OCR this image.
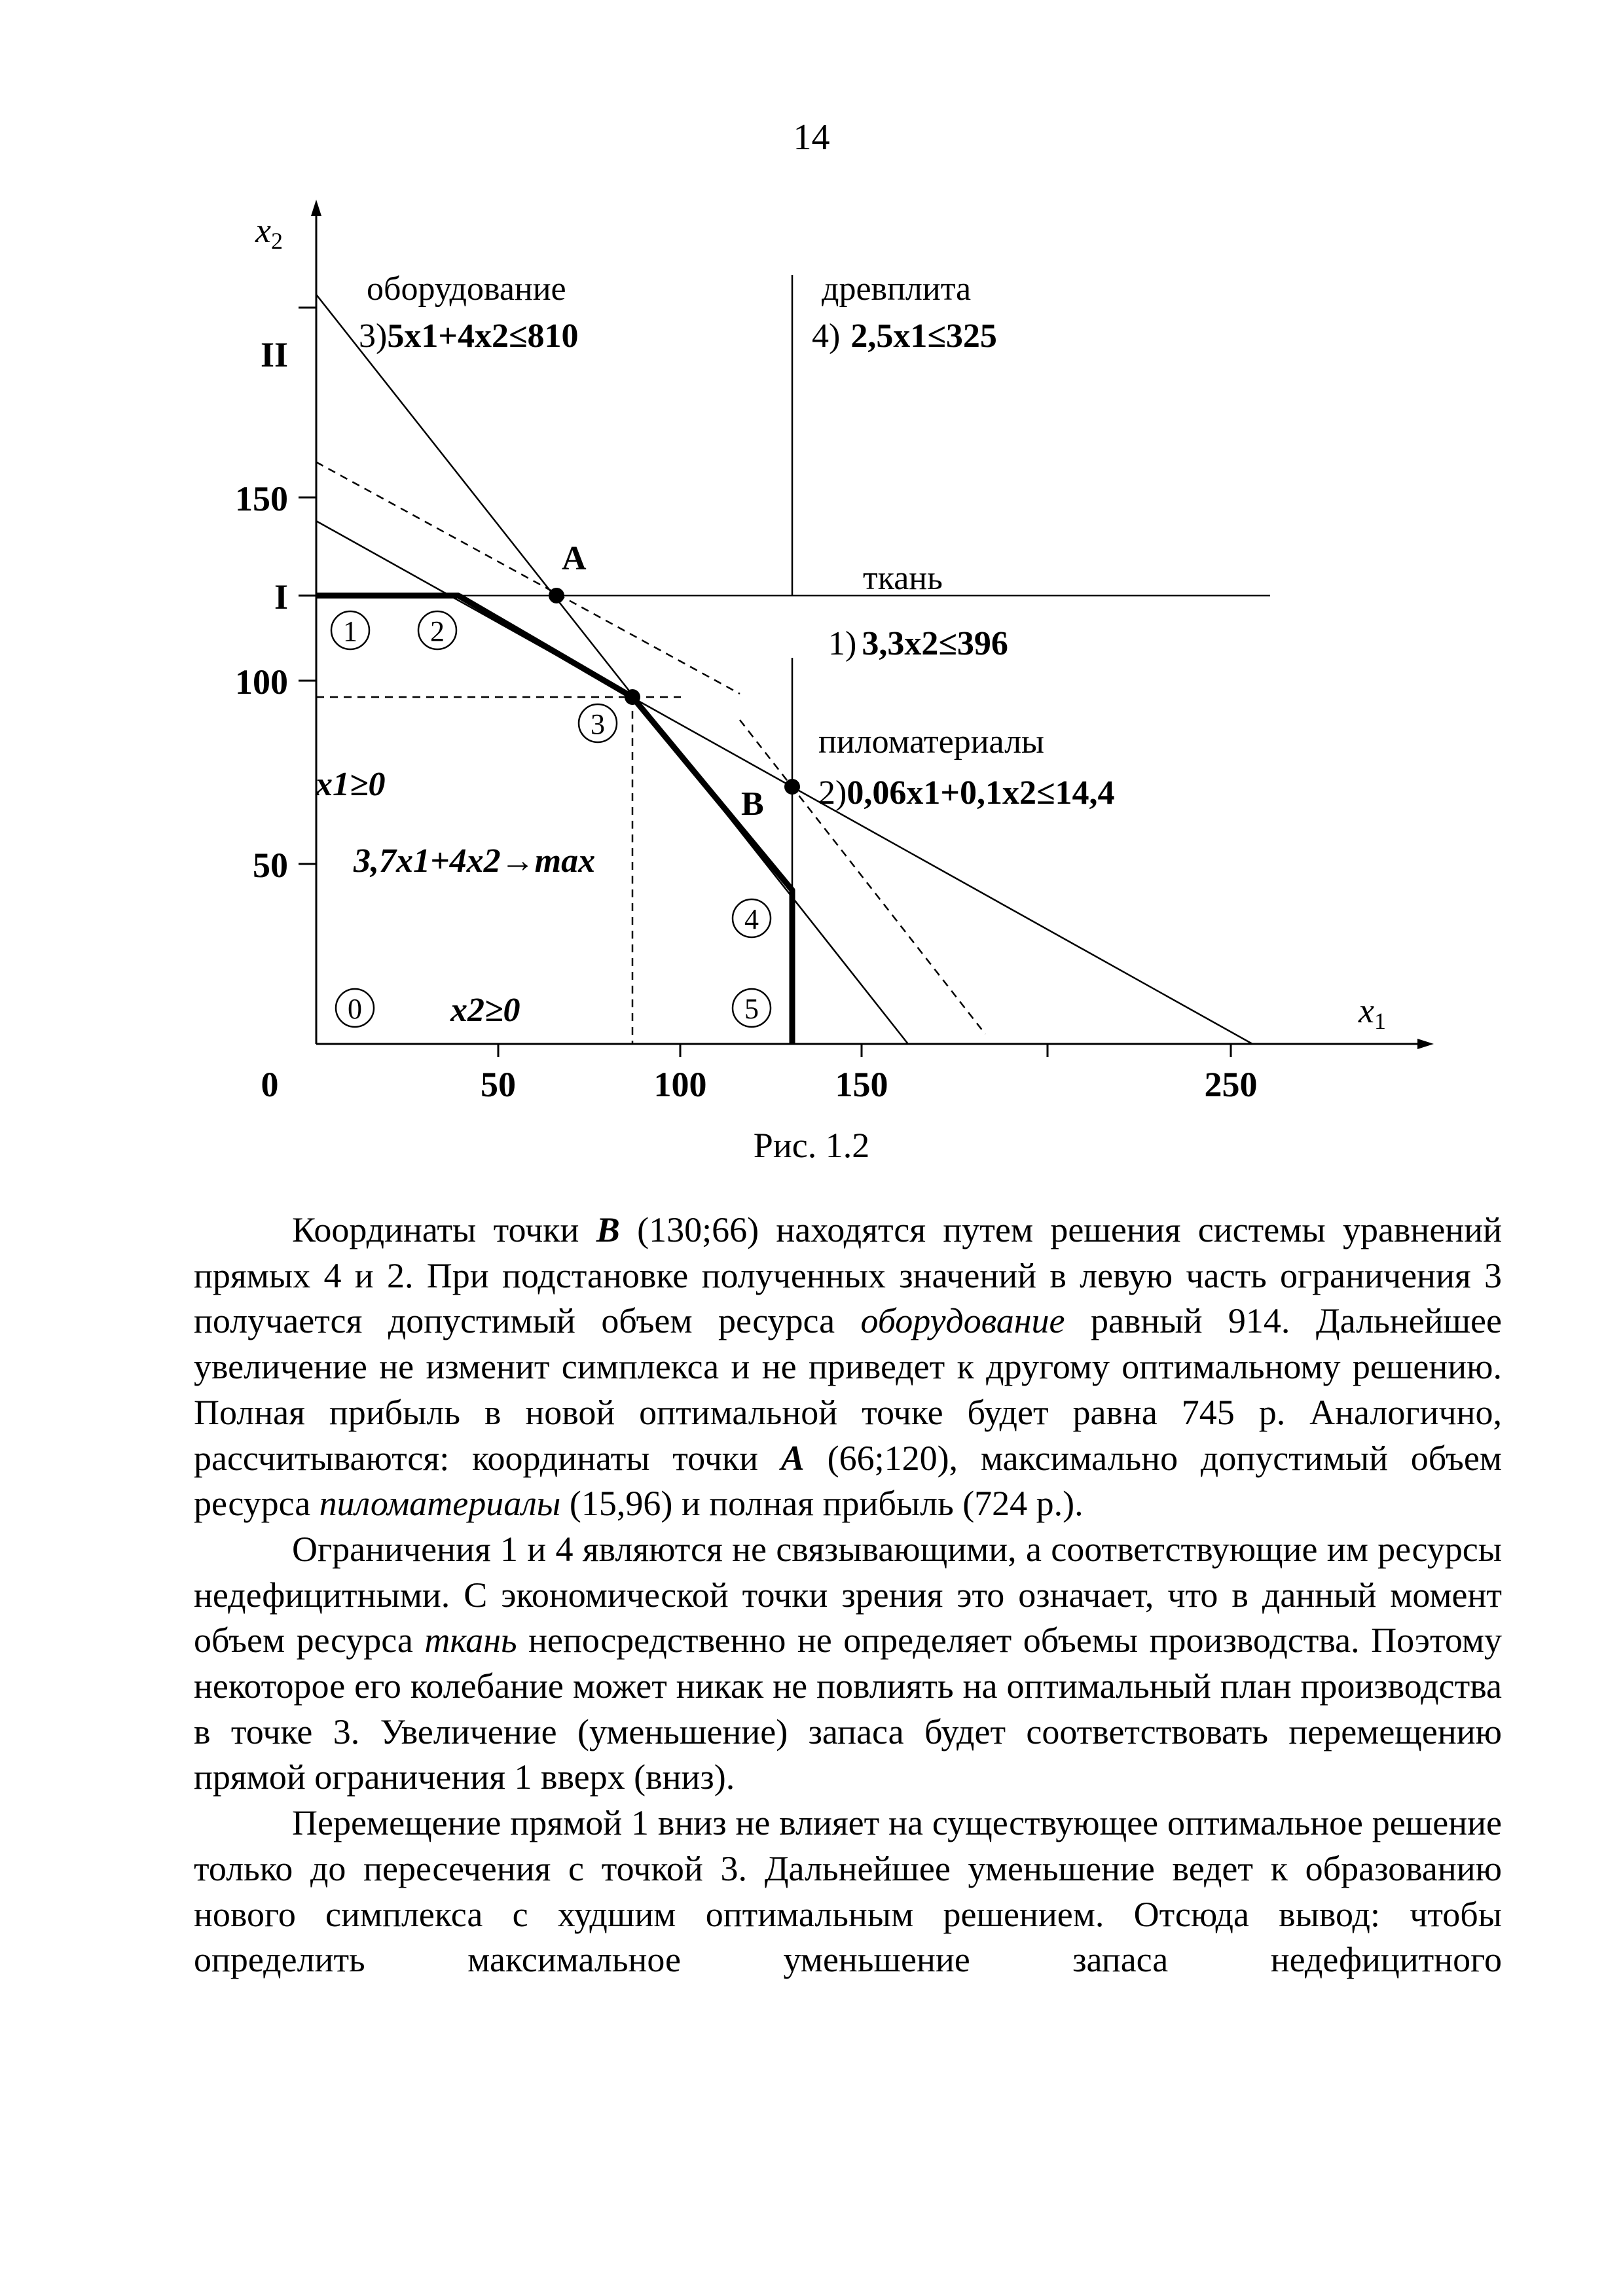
14
x2
x1
0	50	100	150	250
150
100
50
II
I
оборудование
3)5x1+4x2≤810
древплита
4) 2,5x1≤325
ткань
1) 3,3x2≤396
пиломатериалы
2)0,06x1+0,1x2≤14,4
А
В
0
1	2
3
4
5
x1≥0
x2≥0
3,7x1+4x2→max
Рис. 1.2

Координаты точки В (130;66) находятся путем решения системы уравнений прямых 4 и 2. При подстановке полученных значений в левую часть ограничения 3 получается допустимый объем ресурса оборудование равный 914. Дальнейшее увеличение не изменит симплекса и не приведет к другому оптимальному решению. Полная прибыль в новой оптимальной точке будет равна 745 р. Аналогично, рассчитываются: координаты точки А (66;120), максимально допустимый объем ресурса пиломатериалы (15,96) и полная прибыль (724 р.).

Ограничения 1 и 4 являются не связывающими, а соответствующие им ресурсы недефицитными. С экономической точки зрения это означает, что в данный момент объем ресурса ткань непосредственно не определяет объемы производства. Поэтому некоторое его колебание может никак не повлиять на оптимальный план производства в точке 3. Увеличение (уменьшение) запаса будет соответствовать перемещению прямой ограничения 1 вверх (вниз).

Перемещение прямой 1 вниз не влияет на существующее оптимальное решение только до пересечения с точкой 3. Дальнейшее уменьшение ведет к образованию нового симплекса с худшим оптимальным решением. Отсюда вывод: чтобы определить максимальное уменьшение запаса недефицитного
